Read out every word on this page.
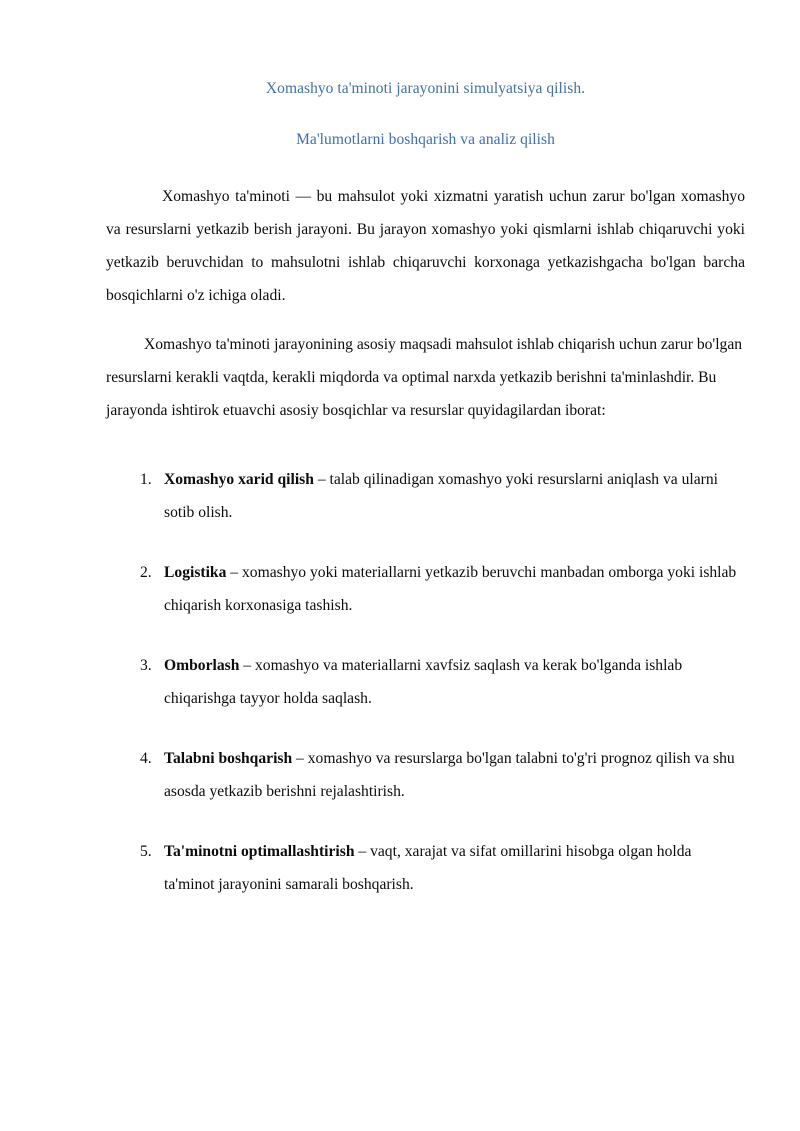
Xomashyo ta'minoti jarayonini simulyatsiya qilish.
Ma'lumotlarni boshqarish va analiz qilish

Xomashyo ta'minoti — bu mahsulot yoki xizmatni yaratish uchun zarur bo'lgan xomashyo va resurslarni yetkazib berish jarayoni. Bu jarayon xomashyo yoki qismlarni ishlab chiqaruvchi yoki yetkazib beruvchidan to mahsulotni ishlab chiqaruvchi korxonaga yetkazishgacha bo'lgan barcha bosqichlarni o'z ichiga oladi.

Xomashyo ta'minoti jarayonining asosiy maqsadi mahsulot ishlab chiqarish uchun zarur bo'lgan resurslarni kerakli vaqtda, kerakli miqdorda va optimal narxda yetkazib berishni ta'minlashdir. Bu jarayonda ishtirok etuavchi asosiy bosqichlar va resurslar quyidagilardan iborat:

1. Xomashyo xarid qilish – talab qilinadigan xomashyo yoki resurslarni aniqlash va ularni sotib olish.
2. Logistika – xomashyo yoki materiallarni yetkazib beruvchi manbadan omborga yoki ishlab chiqarish korxonasiga tashish.
3. Omborlash – xomashyo va materiallarni xavfsiz saqlash va kerak bo'lganda ishlab chiqarishga tayyor holda saqlash.
4. Talabni boshqarish – xomashyo va resurslarga bo'lgan talabni to'g'ri prognoz qilish va shu asosda yetkazib berishni rejalashtirish.
5. Ta'minotni optimallashtirish – vaqt, xarajat va sifat omillarini hisobga olgan holda ta'minot jarayonini samarali boshqarish.
